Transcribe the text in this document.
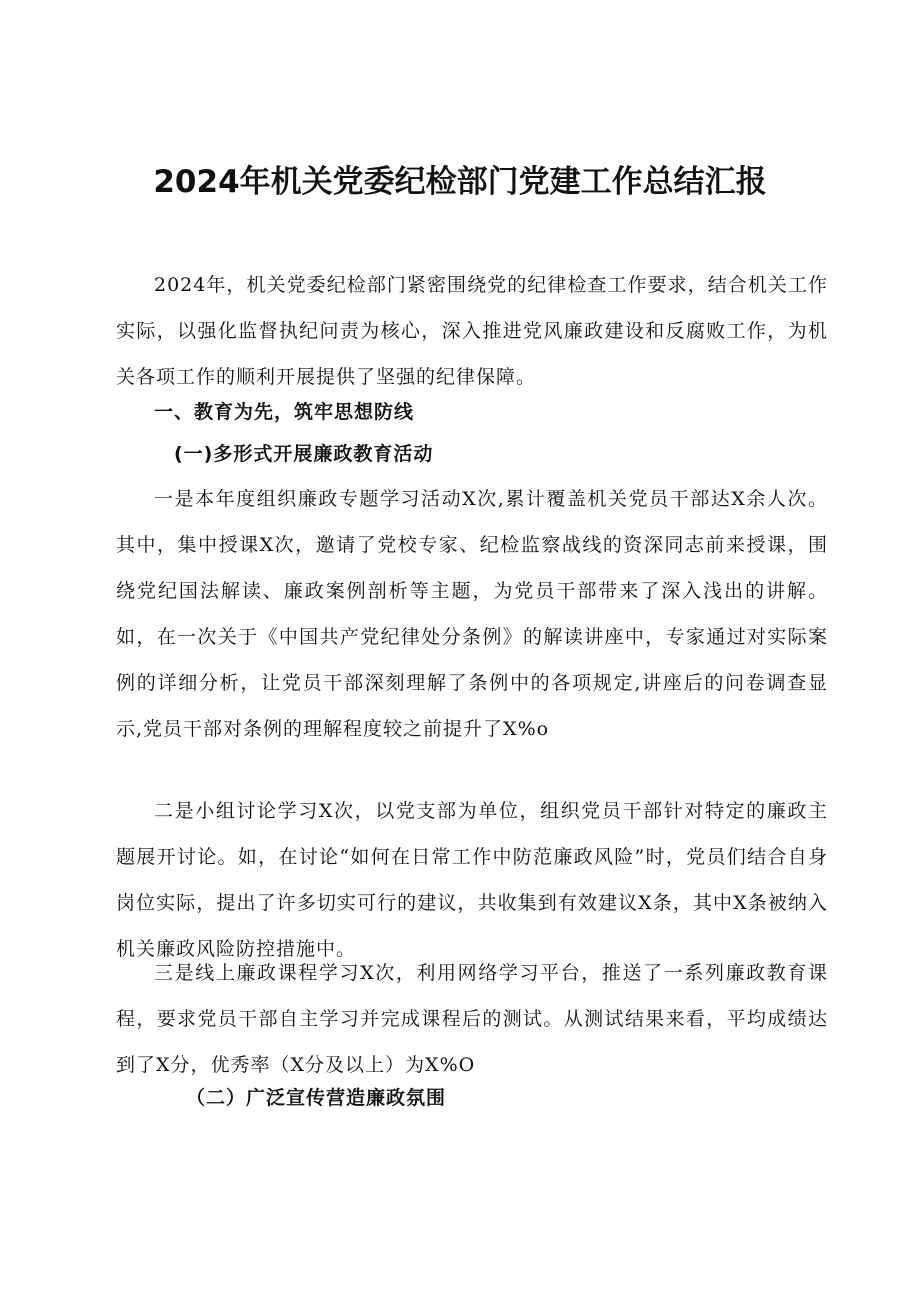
2024年机关党委纪检部门党建工作总结汇报

2024年，机关党委纪检部门紧密围绕党的纪律检查工作要求，结合机关工作实际，以强化监督执纪问责为核心，深入推进党风廉政建设和反腐败工作，为机关各项工作的顺利开展提供了坚强的纪律保障。

一、教育为先，筑牢思想防线
(一)多形式开展廉政教育活动

一是本年度组织廉政专题学习活动X次,累计覆盖机关党员干部达X余人次。其中，集中授课X次，邀请了党校专家、纪检监察战线的资深同志前来授课，围绕党纪国法解读、廉政案例剖析等主题，为党员干部带来了深入浅出的讲解。如，在一次关于《中国共产党纪律处分条例》的解读讲座中，专家通过对实际案例的详细分析，让党员干部深刻理解了条例中的各项规定,讲座后的问卷调查显示,党员干部对条例的理解程度较之前提升了X%o

二是小组讨论学习X次，以党支部为单位，组织党员干部针对特定的廉政主题展开讨论。如，在讨论“如何在日常工作中防范廉政风险”时，党员们结合自身岗位实际，提出了许多切实可行的建议，共收集到有效建议X条，其中X条被纳入机关廉政风险防控措施中。

三是线上廉政课程学习X次，利用网络学习平台，推送了一系列廉政教育课程，要求党员干部自主学习并完成课程后的测试。从测试结果来看，平均成绩达到了X分，优秀率（X分及以上）为X%O

（二）广泛宣传营造廉政氛围
